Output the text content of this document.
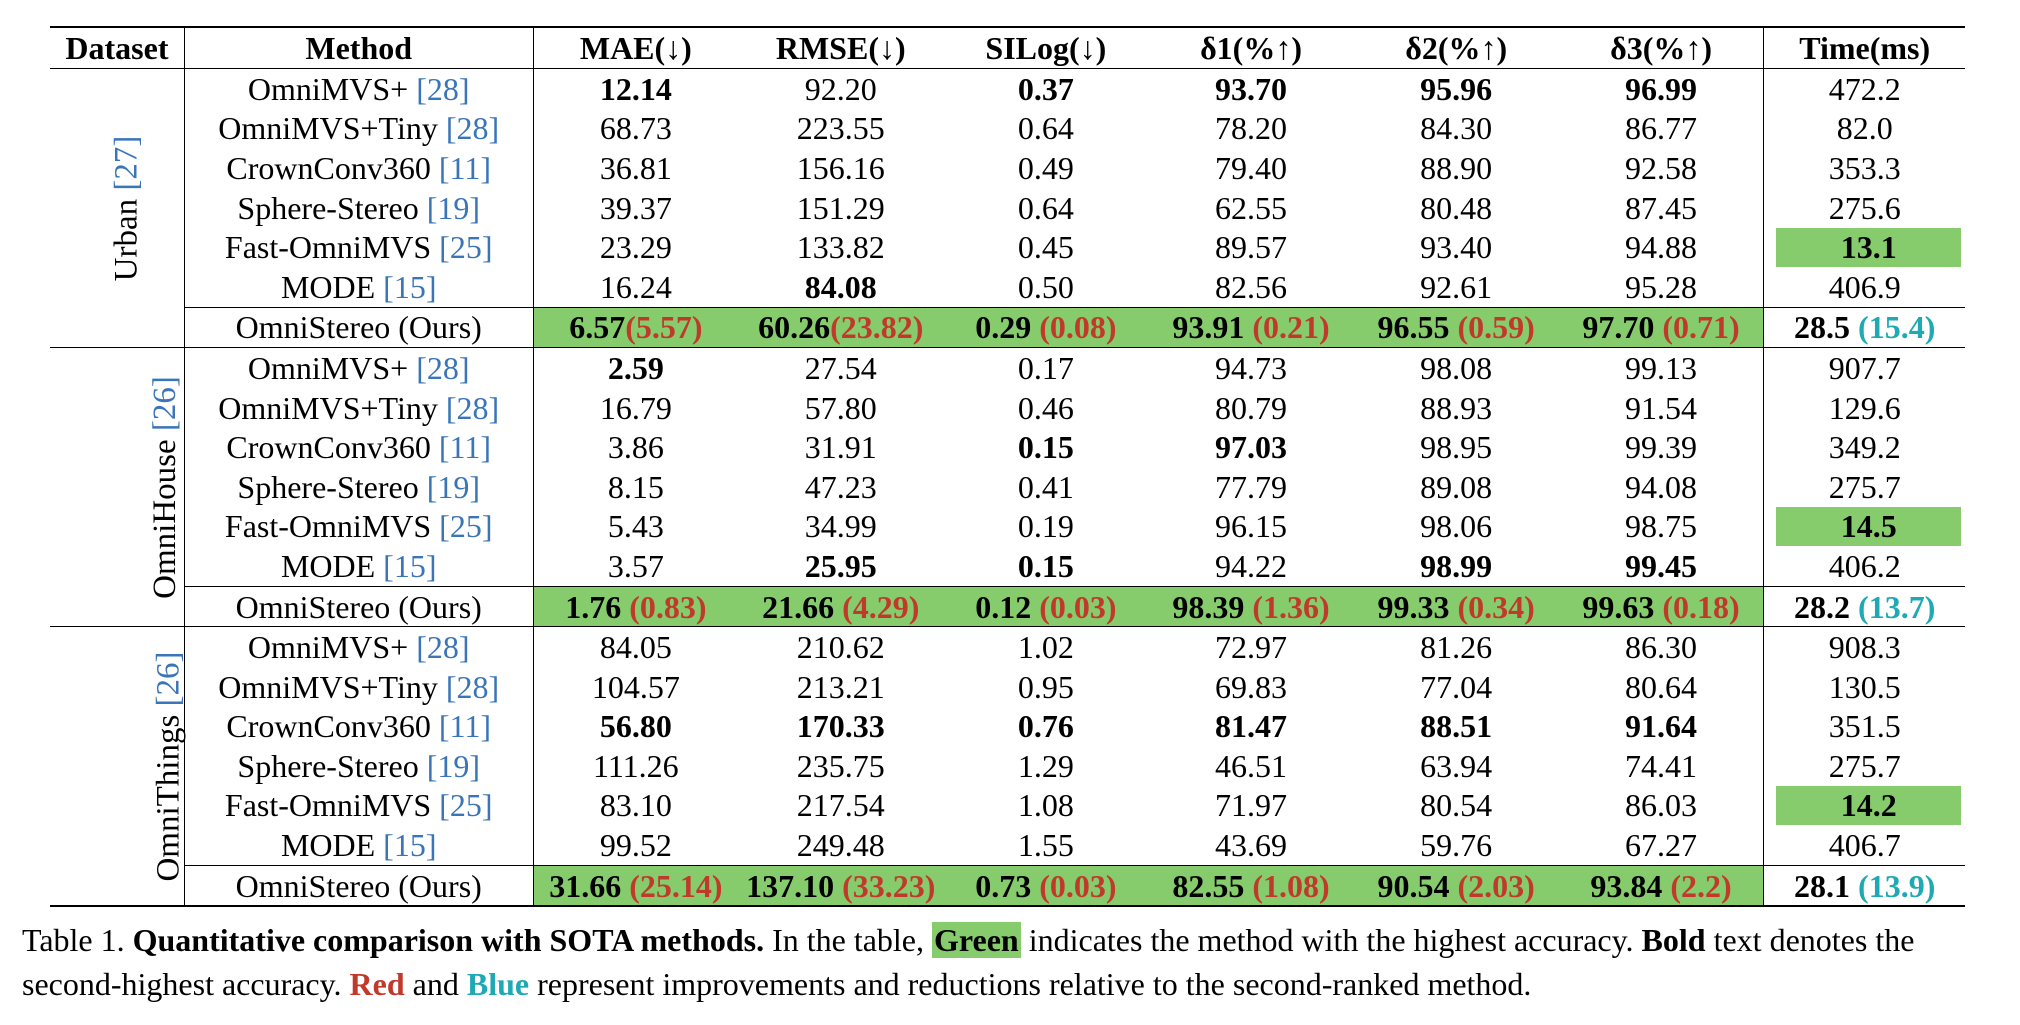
Dataset	Method	MAE(↓)	RMSE(↓)	SILog(↓)	δ1(%↑)	δ2(%↑)	δ3(%↑)	Time(ms)
Urban [27]	OmniMVS+ [28]	12.14	92.20	0.37	93.70	95.96	96.99	472.2
	OmniMVS+Tiny [28]	68.73	223.55	0.64	78.20	84.30	86.77	82.0
	CrownConv360 [11]	36.81	156.16	0.49	79.40	88.90	92.58	353.3
	Sphere-Stereo [19]	39.37	151.29	0.64	62.55	80.48	87.45	275.6
	Fast-OmniMVS [25]	23.29	133.82	0.45	89.57	93.40	94.88	13.1

	MODE [15]	16.24	84.08	0.50	82.56	92.61	95.28	406.9
	OmniStereo (Ours)	6.57(5.57)	60.26(23.82)	0.29 (0.08)	93.91 (0.21)	96.55 (0.59)	97.70 (0.71)	28.5 (15.4)
OmniHouse [26]	OmniMVS+ [28]	2.59	27.54	0.17	94.73	98.08	99.13	907.7
	OmniMVS+Tiny [28]	16.79	57.80	0.46	80.79	88.93	91.54	129.6
	CrownConv360 [11]	3.86	31.91	0.15	97.03	98.95	99.39	349.2
	Sphere-Stereo [19]	8.15	47.23	0.41	77.79	89.08	94.08	275.7
	Fast-OmniMVS [25]	5.43	34.99	0.19	96.15	98.06	98.75	14.5

	MODE [15]	3.57	25.95	0.15	94.22	98.99	99.45	406.2
	OmniStereo (Ours)	1.76 (0.83)	21.66 (4.29)	0.12 (0.03)	98.39 (1.36)	99.33 (0.34)	99.63 (0.18)	28.2 (13.7)
OmniThings [26]	OmniMVS+ [28]	84.05	210.62	1.02	72.97	81.26	86.30	908.3
	OmniMVS+Tiny [28]	104.57	213.21	0.95	69.83	77.04	80.64	130.5
	CrownConv360 [11]	56.80	170.33	0.76	81.47	88.51	91.64	351.5
	Sphere-Stereo [19]	111.26	235.75	1.29	46.51	63.94	74.41	275.7
	Fast-OmniMVS [25]	83.10	217.54	1.08	71.97	80.54	86.03	14.2

	MODE [15]	99.52	249.48	1.55	43.69	59.76	67.27	406.7
	OmniStereo (Ours)	31.66 (25.14)	137.10 (33.23)	0.73 (0.03)	82.55 (1.08)	90.54 (2.03)	93.84 (2.2)	28.1 (13.9)
Table 1. Quantitative comparison with SOTA methods. In the table, Green indicates the method with the highest accuracy. Bold text denotes the second-highest accuracy. Red and Blue represent improvements and reductions relative to the second-ranked method.
